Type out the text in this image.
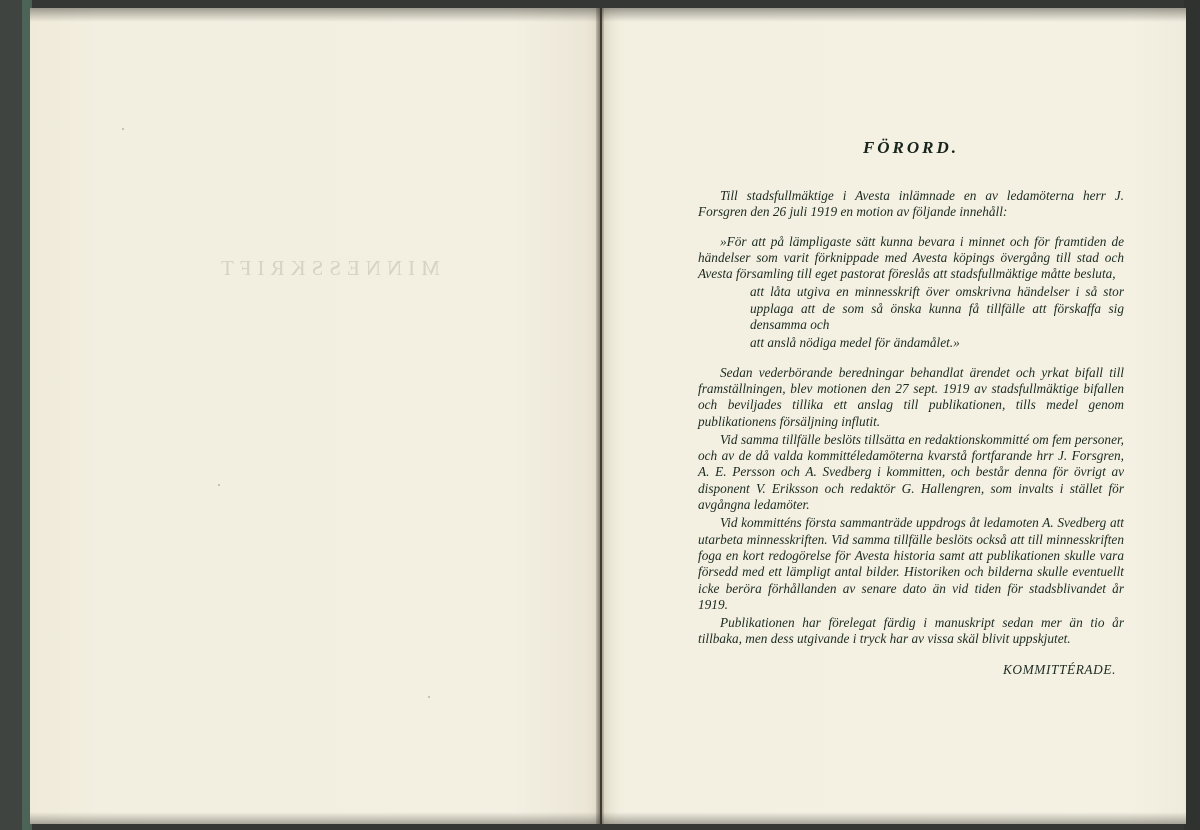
MINNESSKRIFT
FÖRORD.

Till stadsfullmäktige i Avesta inlämnade en av ledamöterna herr J. Forsgren den 26 juli 1919 en motion av följande innehåll:

»För att på lämpligaste sätt kunna bevara i minnet och för framtiden de händelser som varit förknippade med Avesta köpings övergång till stad och Avesta församling till eget pastorat föreslås att stadsfullmäktige måtte besluta,

att låta utgiva en minnesskrift över omskrivna händelser i så stor upplaga att de som så önska kunna få tillfälle att förskaffa sig densamma och

att anslå nödiga medel för ändamålet.»

Sedan vederbörande beredningar behandlat ärendet och yrkat bifall till framställningen, blev motionen den 27 sept. 1919 av stadsfullmäktige bifallen och beviljades tillika ett anslag till publikationen, tills medel genom publikationens försäljning influtit.

Vid samma tillfälle beslöts tillsätta en redaktionskommitté om fem personer, och av de då valda kommittéledamöterna kvarstå fortfarande hrr J. Forsgren, A. E. Persson och A. Svedberg i kommitten, och består denna för övrigt av disponent V. Eriksson och redaktör G. Hallengren, som invalts i stället för avgångna ledamöter.

Vid kommitténs första sammanträde uppdrogs åt ledamoten A. Svedberg att utarbeta minnesskriften. Vid samma tillfälle beslöts också att till minnesskriften foga en kort redogörelse för Avesta historia samt att publikationen skulle vara försedd med ett lämpligt antal bilder. Historiken och bilderna skulle eventuellt icke beröra förhållanden av senare dato än vid tiden för stadsblivandet år 1919.

Publikationen har förelegat färdig i manuskript sedan mer än tio år tillbaka, men dess utgivande i tryck har av vissa skäl blivit uppskjutet.

KOMMITTÉRADE.
